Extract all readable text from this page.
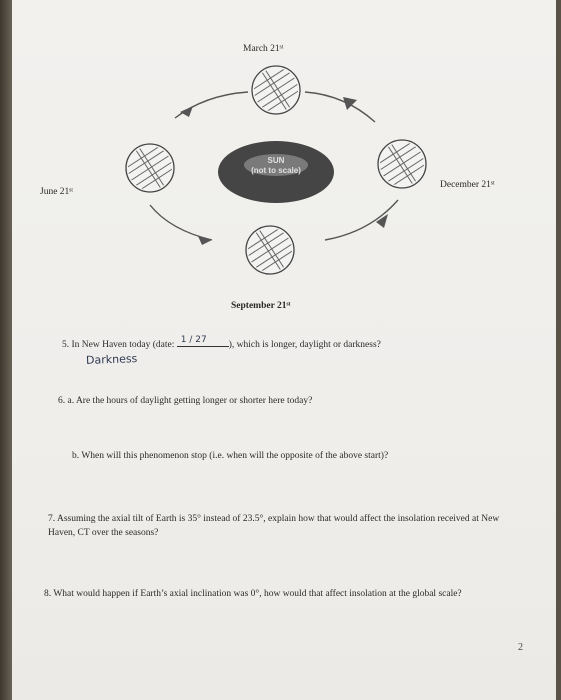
SUN
(not to scale)
March 21ˢᵗ
June 21ˢᵗ
December 21ˢᵗ
September 21ˢᵗ
5. In New Haven today (date: 1 / 27 ), which is longer, daylight or darkness?
Darkness
6. a. Are the hours of daylight getting longer or shorter here today?
b. When will this phenomenon stop (i.e. when will the opposite of the above start)?
7. Assuming the axial tilt of Earth is 35° instead of 23.5°, explain how that would affect the insolation received at New Haven, CT over the seasons?
8. What would happen if Earth’s axial inclination was 0°, how would that affect insolation at the global scale?
2
